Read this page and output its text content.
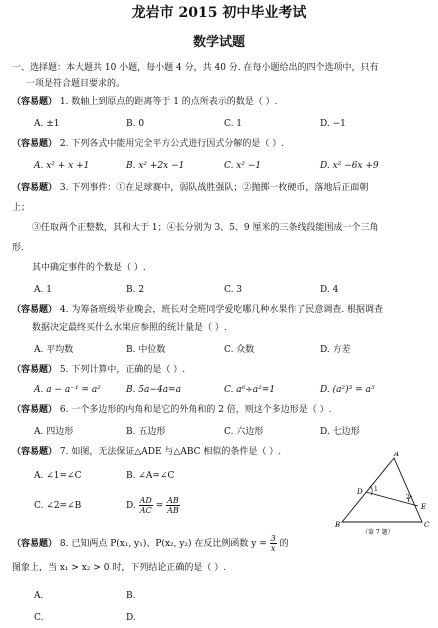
龙岩市 2015 初中毕业考试
数学试题
一、选择题：本大题共 10 小题，每小题 4 分，共 40 分. 在每小题给出的四个选项中，只有
一项是符合题目要求的。
（容易题） 1. 数轴上到原点的距离等于 1 的点所表示的数是（ ）.
A. ±1	B. 0	C. 1	D. −1
（容易题） 2. 下列各式中能用完全平方公式进行因式分解的是（ ）.
A. x² + x +1	B. x² +2x −1	C. x² −1	D. x² −6x +9
（容易题） 3. 下列事件：①在足球赛中，弱队战胜强队；②抛掷一枚硬币，落地后正面朝
上；
③任取两个正整数，其和大于 1；④长分别为 3、5、9 厘米的三条线段能围成一个三角
形.
其中确定事件的个数是（ ）.
A. 1	B. 2	C. 3	D. 4
（容易题） 4. 为筹备班级毕业晚会，班长对全班同学爱吃哪几种水果作了民意调查. 根据调查
数据决定最终买什么水果应参照的统计量是（ ）.
A. 平均数	B. 中位数	C. 众数	D. 方差
（容易题） 5. 下列计算中，正确的是（ ）.
A. a − a⁻¹ = a²	B. 5a−4a=a	C. a⁶÷a²=1	D. (a²)³ = a⁵
（容易题） 6. 一个多边形的内角和是它的外角和的 2 倍，则这个多边形是（ ）.
A. 四边形	B. 五边形	C. 六边形	D. 七边形
（容易题） 7. 如图，无法保证△ADE 与△ABC 相似的条件是（ ）.
A. ∠1=∠C	B. ∠A=∠C
C. ∠2=∠B	D. $\frac{AD}{AC} = \frac{AB}{AB}$
A
B	C
D
E
1
2
（第 7 题）
（容易题） 8. 已知两点 P(x₁, y₁)、P(x₂, y₂) 在反比例函数 $y = \frac{3}{x}$ 的
图象上，当 x₁ > x₂ > 0 时，下列结论正确的是（ ）.
A.	B.
C.	D.
